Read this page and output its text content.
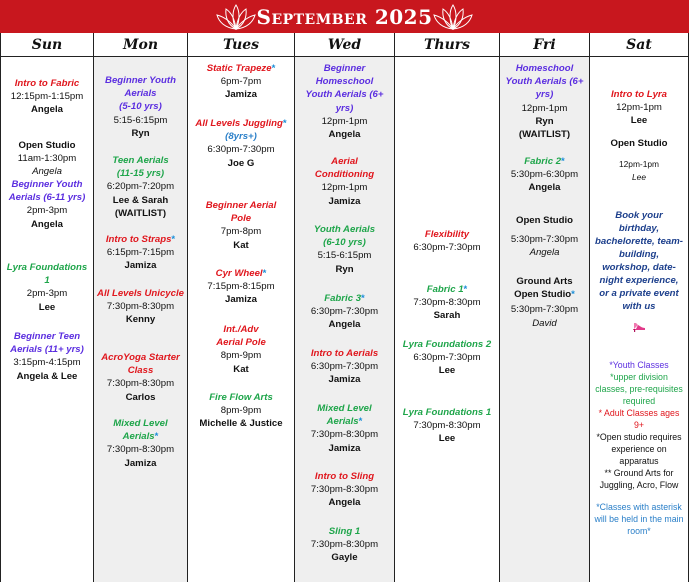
September 2025
Sun
Intro to Fabric
12:15pm-1:15pm
Angela
Open Studio
11am-1:30pm
Angela
Beginner Youth Aerials (6-11 yrs)
2pm-3pm
Angela
Lyra Foundations 1
2pm-3pm
Lee
Beginner Teen Aerials (11+ yrs)
3:15pm-4:15pm
Angela & Lee
Mon
Beginner Youth Aerials
(5-10 yrs)
5:15-6:15pm
Ryn
Teen Aerials
(11-15 yrs)
6:20pm-7:20pm
Lee & Sarah
(WAITLIST)
Intro to Straps*
6:15pm-7:15pm
Jamiza
All Levels Unicycle
7:30pm-8:30pm
Kenny
AcroYoga Starter Class
7:30pm-8:30pm
Carlos
Mixed Level Aerials*
7:30pm-8:30pm
Jamiza
Tues
Static Trapeze*
6pm-7pm
Jamiza
All Levels Juggling*
(8yrs+)
6:30pm-7:30pm
Joe G
Beginner Aerial Pole
7pm-8pm
Kat
Cyr Wheel*
7:15pm-8:15pm
Jamiza
Int./Adv Aerial Pole
8pm-9pm
Kat
Fire Flow Arts
8pm-9pm
Michelle & Justice
Wed
Beginner Homeschool Youth Aerials (6+ yrs)
12pm-1pm
Angela
Aerial Conditioning
12pm-1pm
Jamiza
Youth Aerials
(6-10 yrs)
5:15-6:15pm
Ryn
Fabric 3*
6:30pm-7:30pm
Angela
Intro to Aerials
6:30pm-7:30pm
Jamiza
Mixed Level Aerials*
7:30pm-8:30pm
Jamiza
Intro to Sling
7:30pm-8:30pm
Angela
Sling 1
7:30pm-8:30pm
Gayle
Thurs
Flexibility
6:30pm-7:30pm
Fabric 1*
7:30pm-8:30pm
Sarah
Lyra Foundations 2
6:30pm-7:30pm
Lee
Lyra Foundations 1
7:30pm-8:30pm
Lee
Fri
Homeschool Youth Aerials (6+ yrs)
12pm-1pm
Ryn
(WAITLIST)
Fabric 2*
5:30pm-6:30pm
Angela
Open Studio
5:30pm-7:30pm
Angela
Ground Arts Open Studio*
5:30pm-7:30pm
David
Sat
Intro to Lyra
12pm-1pm
Lee
Open Studio
12pm-1pm
Lee
Book your birthday, bachelorette, team-building, workshop, date-night experience, or a private event with us
*Youth Classes
*upper division classes, pre-requisites required
* Adult Classes ages 9+
*Open studio requires experience on apparatus
** Ground Arts for Juggling, Acro, Flow
*Classes with asterisk will be held in the main room*
